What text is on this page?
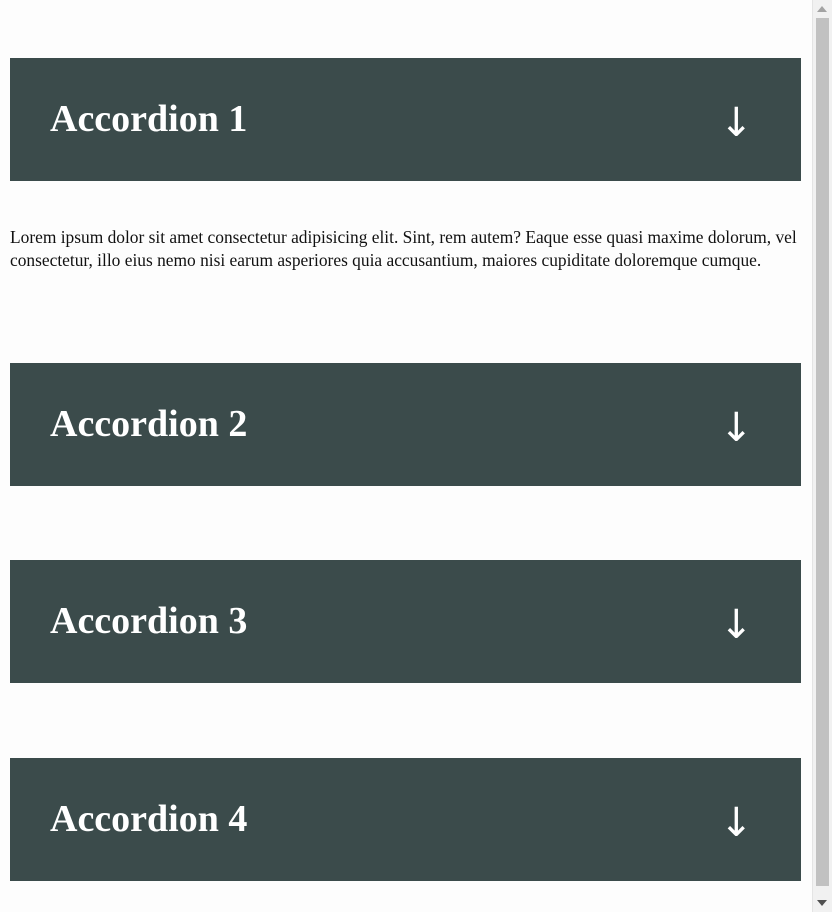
Accordion 1	↓

Lorem ipsum dolor sit amet consectetur adipisicing elit. Sint, rem autem? Eaque esse quasi maxime dolorum, vel consectetur, illo eius nemo nisi earum asperiores quia accusantium, maiores cupiditate doloremque cumque.

Accordion 2	↓
Accordion 3	↓
Accordion 4	↓
